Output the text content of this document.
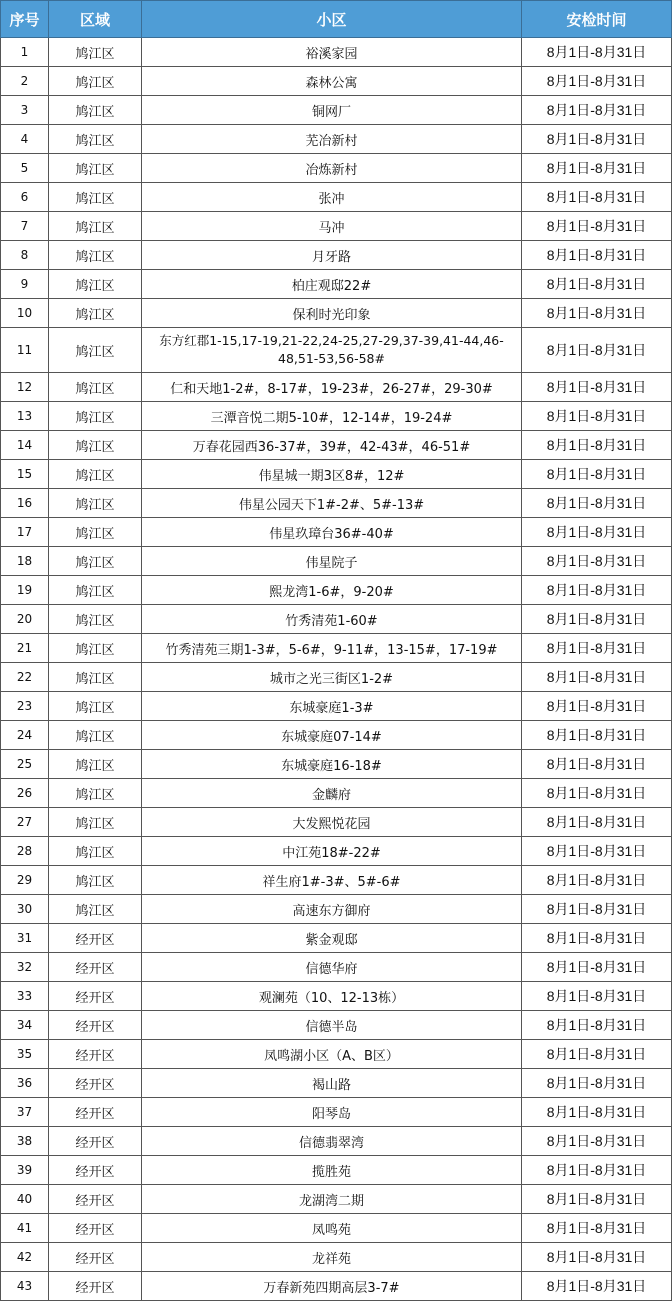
序号	区域	小区	安检时间
1	鸠江区	裕溪家园	8月1日-8月31日
2	鸠江区	森林公寓	8月1日-8月31日
3	鸠江区	铜网厂	8月1日-8月31日
4	鸠江区	芜冶新村	8月1日-8月31日
5	鸠江区	冶炼新村	8月1日-8月31日
6	鸠江区	张冲	8月1日-8月31日
7	鸠江区	马冲	8月1日-8月31日
8	鸠江区	月牙路	8月1日-8月31日
9	鸠江区	柏庄观邸22#	8月1日-8月31日
10	鸠江区	保利时光印象	8月1日-8月31日
11	鸠江区	东方红郡1-15,17-19,21-22,24-25,27-29,37-39,41-44,46-48,51-53,56-58#	8月1日-8月31日
12	鸠江区	仁和天地1-2#，8-17#，19-23#，26-27#，29-30#	8月1日-8月31日
13	鸠江区	三潭音悦二期5-10#，12-14#，19-24#	8月1日-8月31日
14	鸠江区	万春花园西36-37#，39#，42-43#，46-51#	8月1日-8月31日
15	鸠江区	伟星城一期3区8#，12#	8月1日-8月31日
16	鸠江区	伟星公园天下1#-2#、5#-13#	8月1日-8月31日
17	鸠江区	伟星玖璋台36#-40#	8月1日-8月31日
18	鸠江区	伟星院子	8月1日-8月31日
19	鸠江区	熙龙湾1-6#，9-20#	8月1日-8月31日
20	鸠江区	竹秀清苑1-60#	8月1日-8月31日
21	鸠江区	竹秀清苑三期1-3#，5-6#，9-11#，13-15#，17-19#	8月1日-8月31日
22	鸠江区	城市之光三街区1-2#	8月1日-8月31日
23	鸠江区	东城豪庭1-3#	8月1日-8月31日
24	鸠江区	东城豪庭07-14#	8月1日-8月31日
25	鸠江区	东城豪庭16-18#	8月1日-8月31日
26	鸠江区	金麟府	8月1日-8月31日
27	鸠江区	大发熙悦花园	8月1日-8月31日
28	鸠江区	中江苑18#-22#	8月1日-8月31日
29	鸠江区	祥生府1#-3#、5#-6#	8月1日-8月31日
30	鸠江区	高速东方御府	8月1日-8月31日
31	经开区	紫金观邸	8月1日-8月31日
32	经开区	信德华府	8月1日-8月31日
33	经开区	观澜苑（10、12-13栋）	8月1日-8月31日
34	经开区	信德半岛	8月1日-8月31日
35	经开区	凤鸣湖小区（A、B区）	8月1日-8月31日
36	经开区	褐山路	8月1日-8月31日
37	经开区	阳琴岛	8月1日-8月31日
38	经开区	信德翡翠湾	8月1日-8月31日
39	经开区	揽胜苑	8月1日-8月31日
40	经开区	龙湖湾二期	8月1日-8月31日
41	经开区	凤鸣苑	8月1日-8月31日
42	经开区	龙祥苑	8月1日-8月31日
43	经开区	万春新苑四期高层3-7#	8月1日-8月31日
